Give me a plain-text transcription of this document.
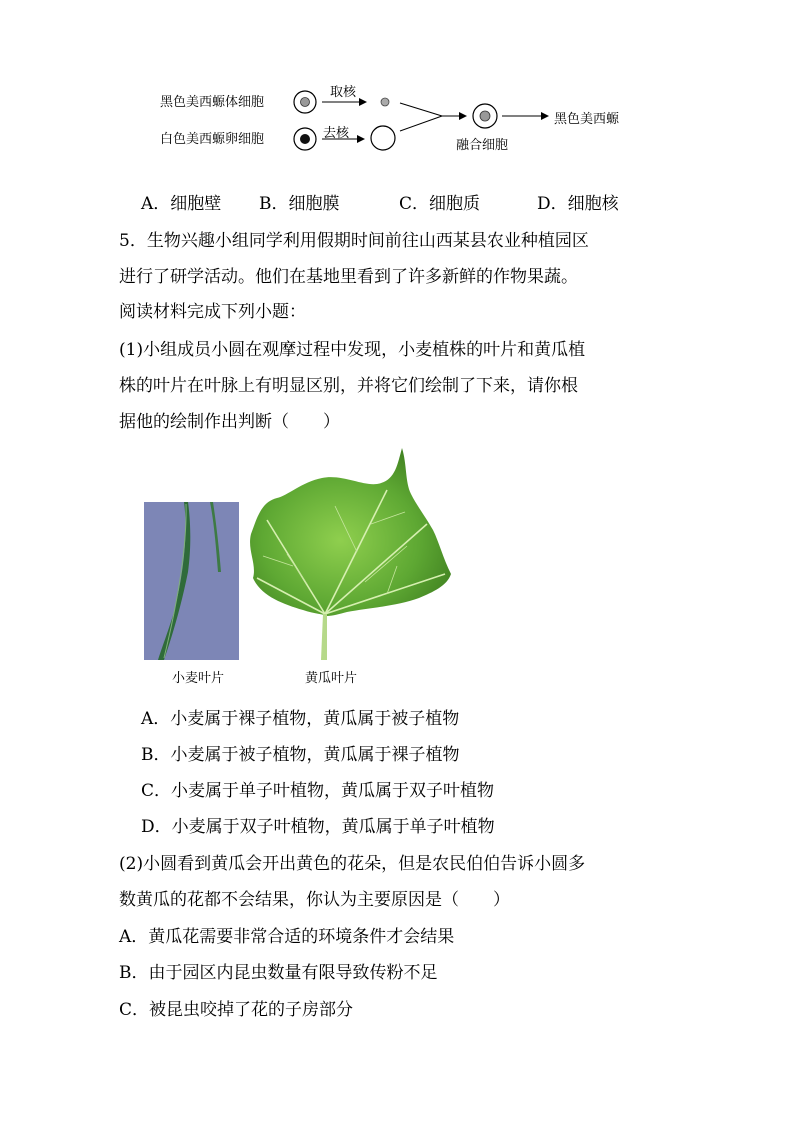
黑色美西螈体细胞
白色美西螈卵细胞
取核
去核
融合细胞
黑色美西螈
A．细胞壁 B．细胞膜	C．细胞质	D．细胞核
5．生物兴趣小组同学利用假期时间前往山西某县农业种植园区
进行了研学活动。他们在基地里看到了许多新鲜的作物果蔬。
阅读材料完成下列小题：
(1)小组成员小圆在观摩过程中发现，小麦植株的叶片和黄瓜植
株的叶片在叶脉上有明显区别，并将它们绘制了下来，请你根
据他的绘制作出判断（　　）
小麦叶片	黄瓜叶片
A．小麦属于裸子植物，黄瓜属于被子植物
B．小麦属于被子植物，黄瓜属于裸子植物
C．小麦属于单子叶植物，黄瓜属于双子叶植物
D．小麦属于双子叶植物，黄瓜属于单子叶植物
(2)小圆看到黄瓜会开出黄色的花朵，但是农民伯伯告诉小圆多
数黄瓜的花都不会结果，你认为主要原因是（　　）
A．黄瓜花需要非常合适的环境条件才会结果
B．由于园区内昆虫数量有限导致传粉不足
C．被昆虫咬掉了花的子房部分
